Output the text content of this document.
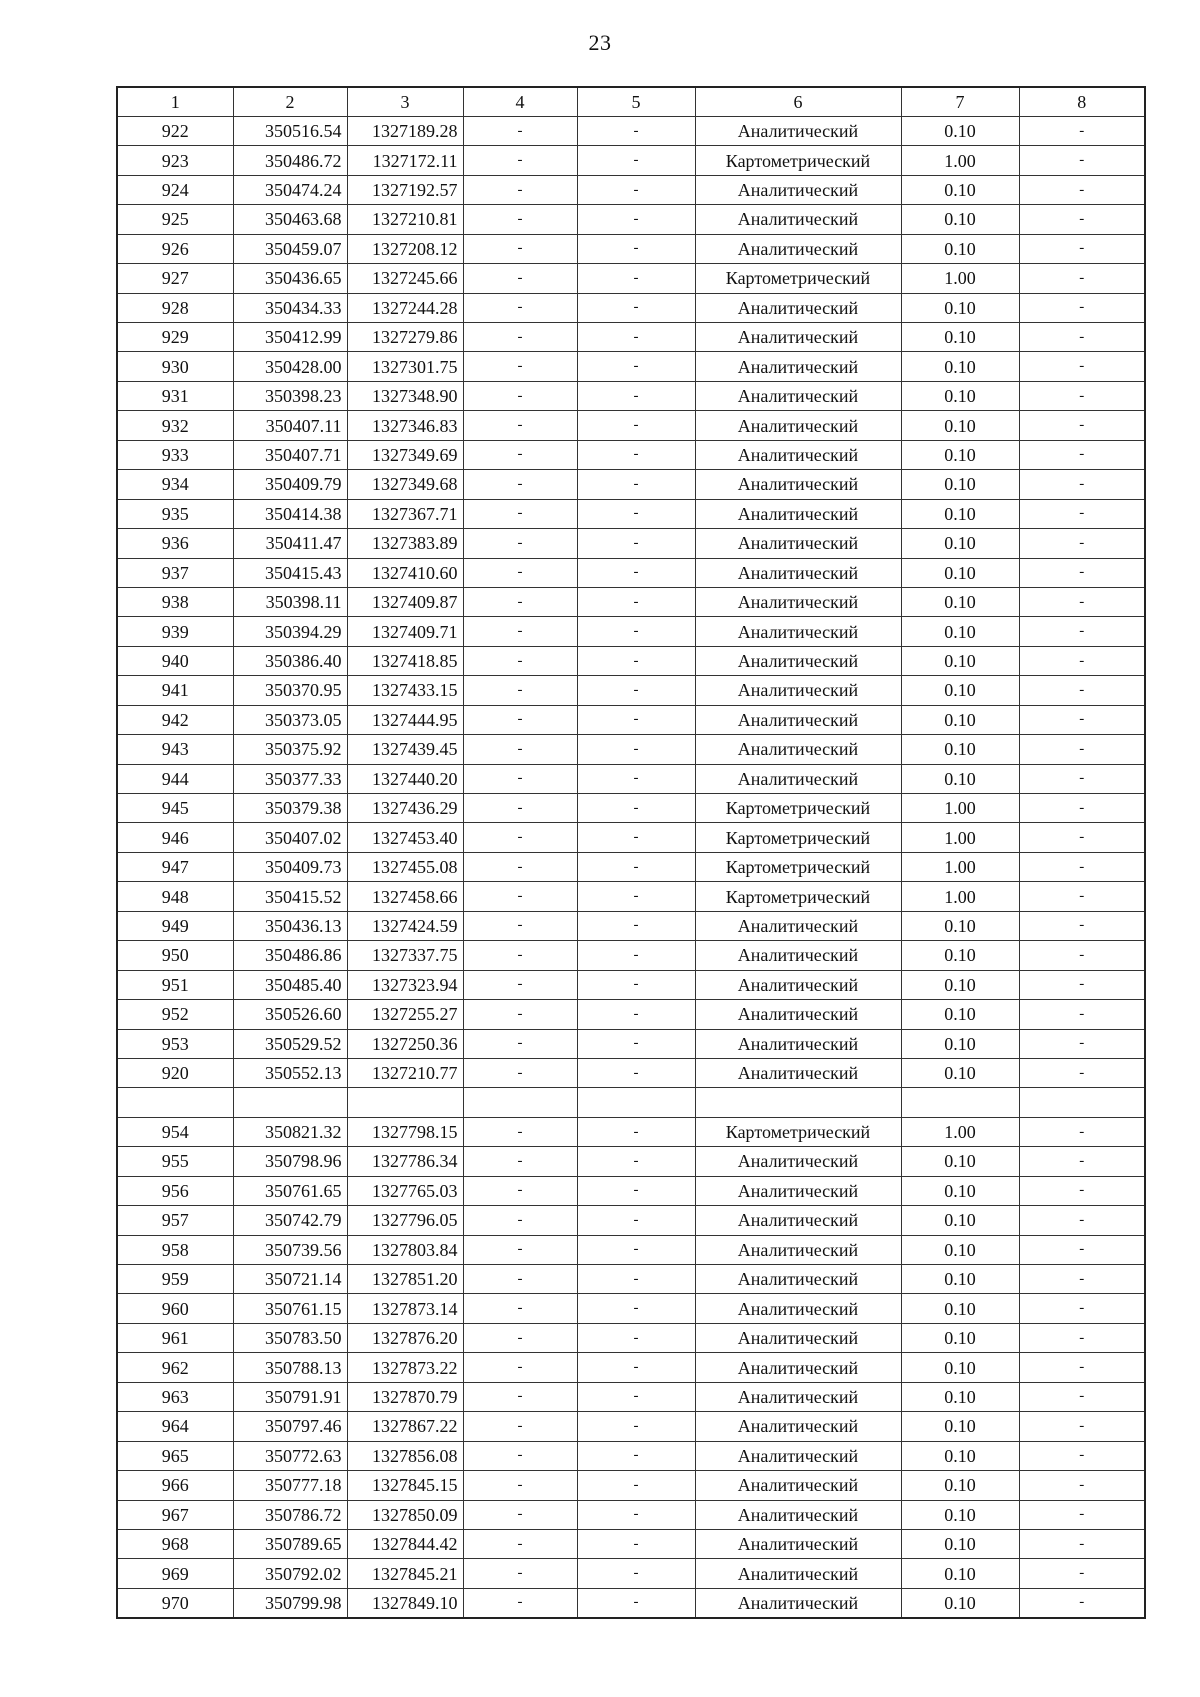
23
1	2	3	4	5	6	7	8
922	350516.54	1327189.28	-	-	Аналитический	0.10	-
923	350486.72	1327172.11	-	-	Картометрический	1.00	-
924	350474.24	1327192.57	-	-	Аналитический	0.10	-
925	350463.68	1327210.81	-	-	Аналитический	0.10	-
926	350459.07	1327208.12	-	-	Аналитический	0.10	-
927	350436.65	1327245.66	-	-	Картометрический	1.00	-
928	350434.33	1327244.28	-	-	Аналитический	0.10	-
929	350412.99	1327279.86	-	-	Аналитический	0.10	-
930	350428.00	1327301.75	-	-	Аналитический	0.10	-
931	350398.23	1327348.90	-	-	Аналитический	0.10	-
932	350407.11	1327346.83	-	-	Аналитический	0.10	-
933	350407.71	1327349.69	-	-	Аналитический	0.10	-
934	350409.79	1327349.68	-	-	Аналитический	0.10	-
935	350414.38	1327367.71	-	-	Аналитический	0.10	-
936	350411.47	1327383.89	-	-	Аналитический	0.10	-
937	350415.43	1327410.60	-	-	Аналитический	0.10	-
938	350398.11	1327409.87	-	-	Аналитический	0.10	-
939	350394.29	1327409.71	-	-	Аналитический	0.10	-
940	350386.40	1327418.85	-	-	Аналитический	0.10	-
941	350370.95	1327433.15	-	-	Аналитический	0.10	-
942	350373.05	1327444.95	-	-	Аналитический	0.10	-
943	350375.92	1327439.45	-	-	Аналитический	0.10	-
944	350377.33	1327440.20	-	-	Аналитический	0.10	-
945	350379.38	1327436.29	-	-	Картометрический	1.00	-
946	350407.02	1327453.40	-	-	Картометрический	1.00	-
947	350409.73	1327455.08	-	-	Картометрический	1.00	-
948	350415.52	1327458.66	-	-	Картометрический	1.00	-
949	350436.13	1327424.59	-	-	Аналитический	0.10	-
950	350486.86	1327337.75	-	-	Аналитический	0.10	-
951	350485.40	1327323.94	-	-	Аналитический	0.10	-
952	350526.60	1327255.27	-	-	Аналитический	0.10	-
953	350529.52	1327250.36	-	-	Аналитический	0.10	-
920	350552.13	1327210.77	-	-	Аналитический	0.10	-

954	350821.32	1327798.15	-	-	Картометрический	1.00	-
955	350798.96	1327786.34	-	-	Аналитический	0.10	-
956	350761.65	1327765.03	-	-	Аналитический	0.10	-
957	350742.79	1327796.05	-	-	Аналитический	0.10	-
958	350739.56	1327803.84	-	-	Аналитический	0.10	-
959	350721.14	1327851.20	-	-	Аналитический	0.10	-
960	350761.15	1327873.14	-	-	Аналитический	0.10	-
961	350783.50	1327876.20	-	-	Аналитический	0.10	-
962	350788.13	1327873.22	-	-	Аналитический	0.10	-
963	350791.91	1327870.79	-	-	Аналитический	0.10	-
964	350797.46	1327867.22	-	-	Аналитический	0.10	-
965	350772.63	1327856.08	-	-	Аналитический	0.10	-
966	350777.18	1327845.15	-	-	Аналитический	0.10	-
967	350786.72	1327850.09	-	-	Аналитический	0.10	-
968	350789.65	1327844.42	-	-	Аналитический	0.10	-
969	350792.02	1327845.21	-	-	Аналитический	0.10	-
970	350799.98	1327849.10	-	-	Аналитический	0.10	-
